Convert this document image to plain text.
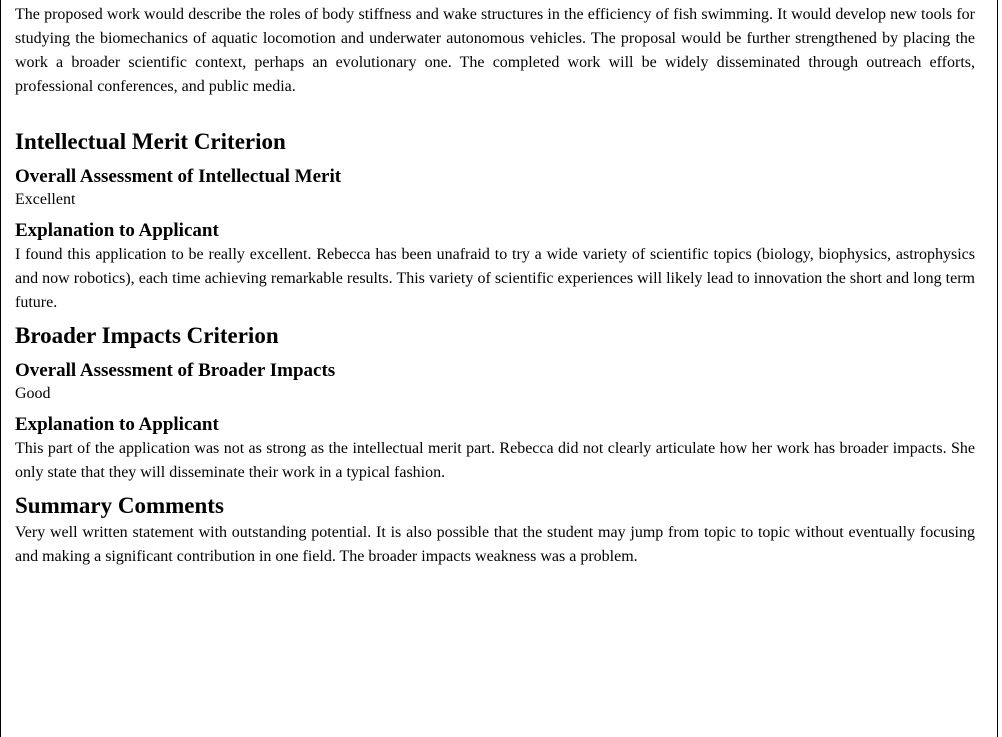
The proposed work would describe the roles of body stiffness and wake structures in the efficiency of fish swimming. It would develop new tools for studying the biomechanics of aquatic locomotion and underwater autonomous vehicles. The proposal would be further strengthened by placing the work a broader scientific context, perhaps an evolutionary one. The completed work will be widely disseminated through outreach efforts, professional conferences, and public media.

Intellectual Merit Criterion
Overall Assessment of Intellectual Merit

Excellent

Explanation to Applicant

I found this application to be really excellent. Rebecca has been unafraid to try a wide variety of scientific topics (biology, biophysics, astrophysics and now robotics), each time achieving remarkable results. This variety of scientific experiences will likely lead to innovation the short and long term future.

Broader Impacts Criterion
Overall Assessment of Broader Impacts

Good

Explanation to Applicant

This part of the application was not as strong as the intellectual merit part. Rebecca did not clearly articulate how her work has broader impacts. She only state that they will disseminate their work in a typical fashion.

Summary Comments

Very well written statement with outstanding potential. It is also possible that the student may jump from topic to topic without eventually focusing and making a significant contribution in one field. The broader impacts weakness was a problem.
